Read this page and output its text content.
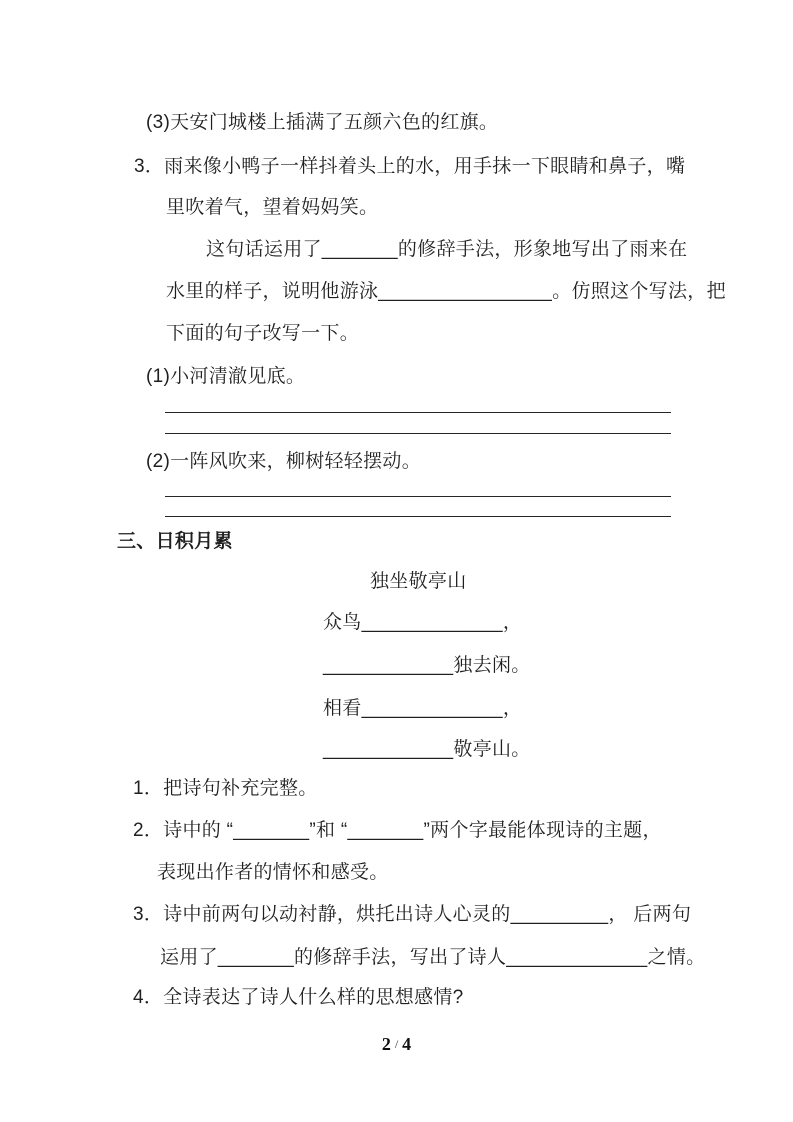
(3)天安门城楼上插满了五颜六色的红旗。
3．雨来像小鸭子一样抖着头上的水，用手抹一下眼睛和鼻子，嘴
里吹着气，望着妈妈笑。
这句话运用了_______的修辞手法，形象地写出了雨来在
水里的样子，说明他游泳________________。仿照这个写法，把
下面的句子改写一下。
(1)小河清澈见底。
(2)一阵风吹来，柳树轻轻摆动。
三、日积月累
独坐敬亭山
众鸟_____________，
____________独去闲。
相看_____________，
____________敬亭山。
1．把诗句补充完整。
2．诗中的 “_______”和 “_______”两个字最能体现诗的主题，
表现出作者的情怀和感受。
3．诗中前两句以动衬静，烘托出诗人心灵的_________， 后两句
运用了_______的修辞手法，写出了诗人_____________之情。
4．全诗表达了诗人什么样的思想感情?
2 / 4
